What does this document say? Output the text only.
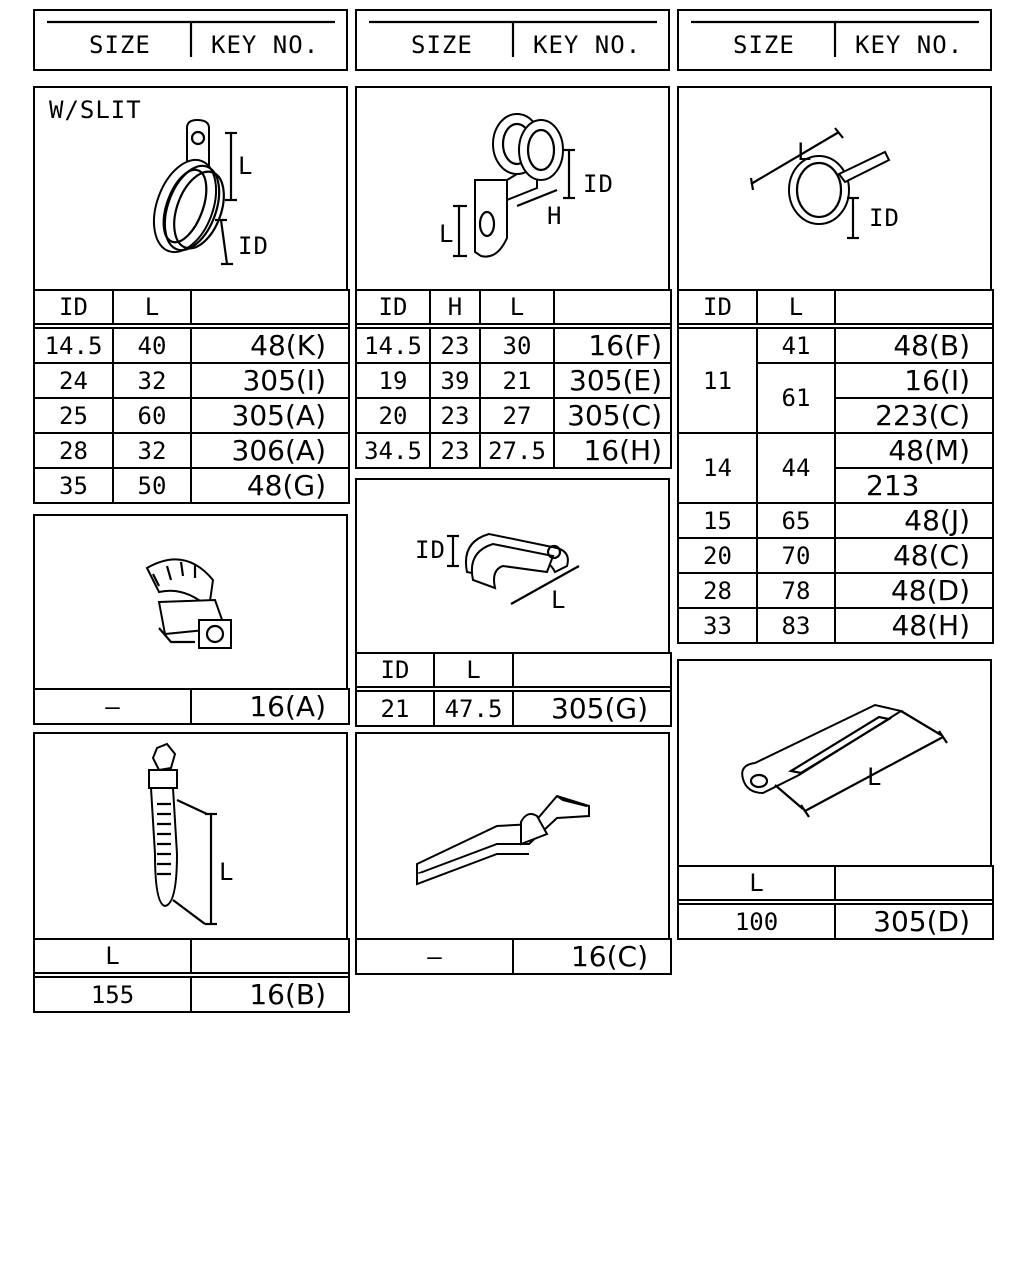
SIZE	KEY NO.	SIZE	KEY NO.	SIZE	KEY NO.
W/SLIT
L
ID
ID	L	

14.5	40	48(K)
24	32	305(I)
25	60	305(A)
28	32	306(A)
35	50	48(G)
L
H
ID
ID	H	L	

14.5	23	30	16(F)
19	39	21	305(E)
20	23	27	305(C)
34.5	23	27.5	16(H)
L
ID
ID	L	

11	41	48(B)
	61	16(I)
		223(C)
14	44	48(M)
		213
15	65	48(J)
20	70	48(C)
28	78	48(D)
33	83	48(H)
—	16(A)
ID
L
ID	L	

21	47.5	305(G)
L
L	

155	16(B)
—	16(C)
L
L	

100	305(D)
